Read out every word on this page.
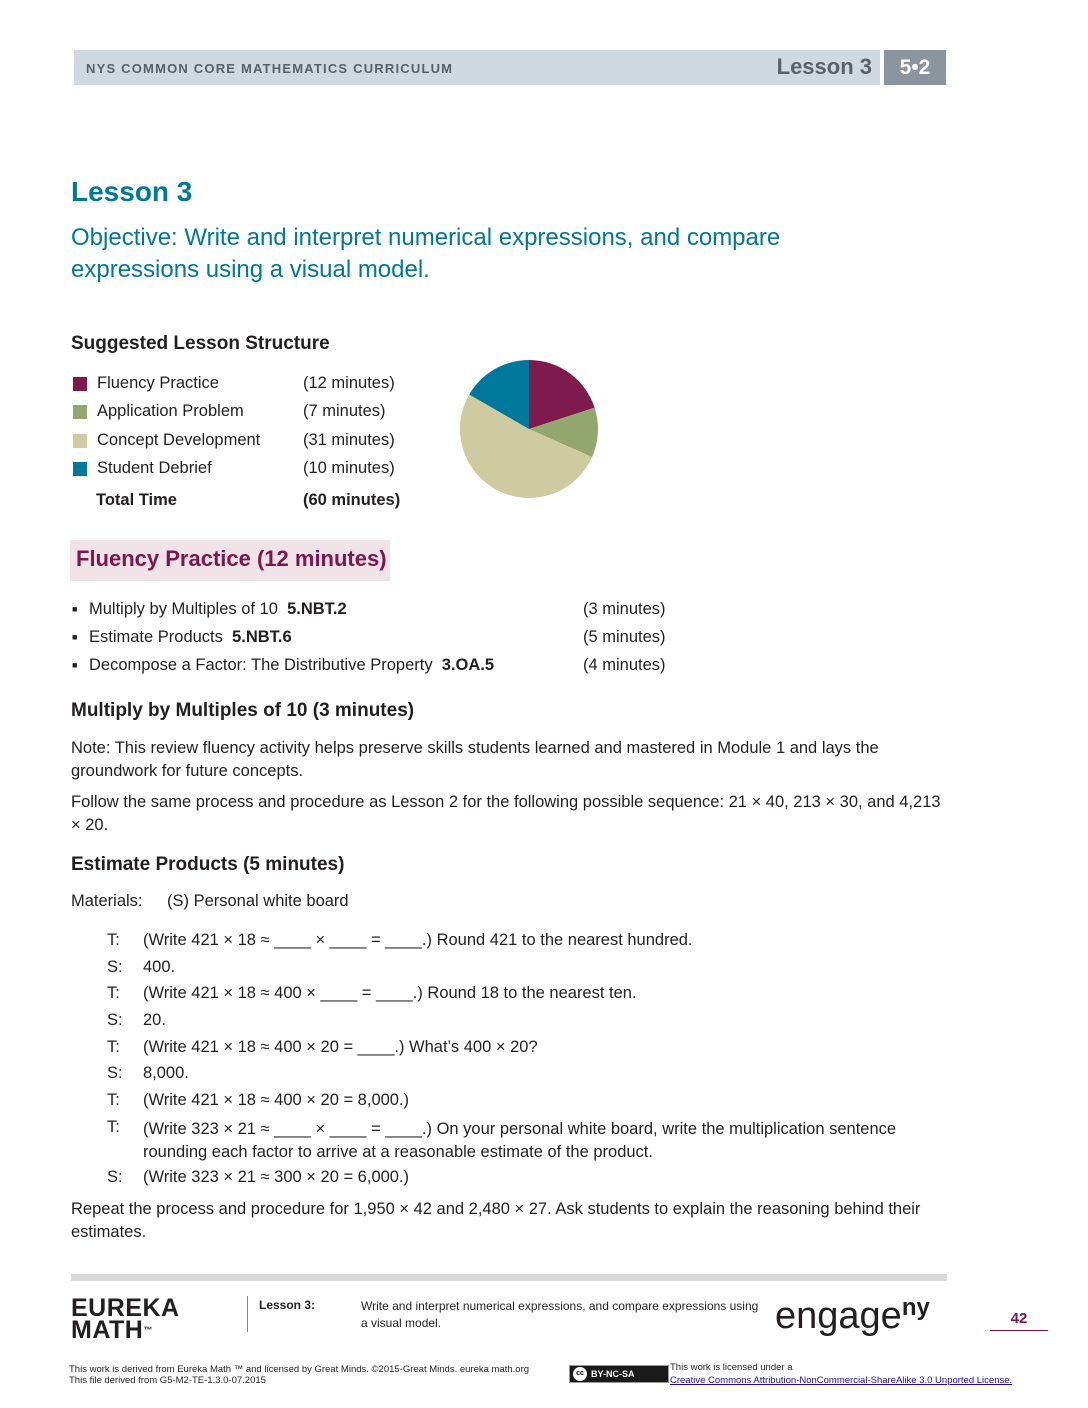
NYS COMMON CORE MATHEMATICS CURRICULUM	Lesson 3	5•2
Lesson 3
Objective: Write and interpret numerical expressions, and compare expressions using a visual model.
Suggested Lesson Structure
Fluency Practice	(12 minutes)
Application Problem	(7 minutes)
Concept Development	(31 minutes)
Student Debrief	(10 minutes)
Total Time	(60 minutes)
Fluency Practice (12 minutes)
■ Multiply by Multiples of 10 5.NBT.2	(3 minutes)
■ Estimate Products 5.NBT.6	(5 minutes)
■ Decompose a Factor: The Distributive Property 3.OA.5	(4 minutes)
Multiply by Multiples of 10 (3 minutes)
Note: This review fluency activity helps preserve skills students learned and mastered in Module 1 and lays the groundwork for future concepts.
Follow the same process and procedure as Lesson 2 for the following possible sequence: 21 × 40, 213 × 30, and 4,213 × 20.
Estimate Products (5 minutes)
Materials: (S) Personal white board
T: (Write 421 × 18 ≈ ____ × ____ = ____.) Round 421 to the nearest hundred.
S: 400.
T: (Write 421 × 18 ≈ 400 × ____ = ____.) Round 18 to the nearest ten.
S: 20.
T: (Write 421 × 18 ≈ 400 × 20 = ____.) What’s 400 × 20?
S: 8,000.
T: (Write 421 × 18 ≈ 400 × 20 = 8,000.)
T: (Write 323 × 21 ≈ ____ × ____ = ____.) On your personal white board, write the multiplication sentence rounding each factor to arrive at a reasonable estimate of the product.
S: (Write 323 × 21 ≈ 300 × 20 = 6,000.)
Repeat the process and procedure for 1,950 × 42 and 2,480 × 27. Ask students to explain the reasoning behind their estimates.
EUREKA
MATH™
Lesson 3:	Write and interpret numerical expressions, and compare expressions using a visual model.	engage$^{ny}$	42
This work is derived from Eureka Math ™ and licensed by Great Minds. ©2015-Great Minds. eureka math.org
This file derived from G5-M2-TE-1.3.0-07.2015
cc BY-NC-SA
This work is licensed under a
Creative Commons Attribution-NonCommercial-ShareAlike 3.0 Unported License.
